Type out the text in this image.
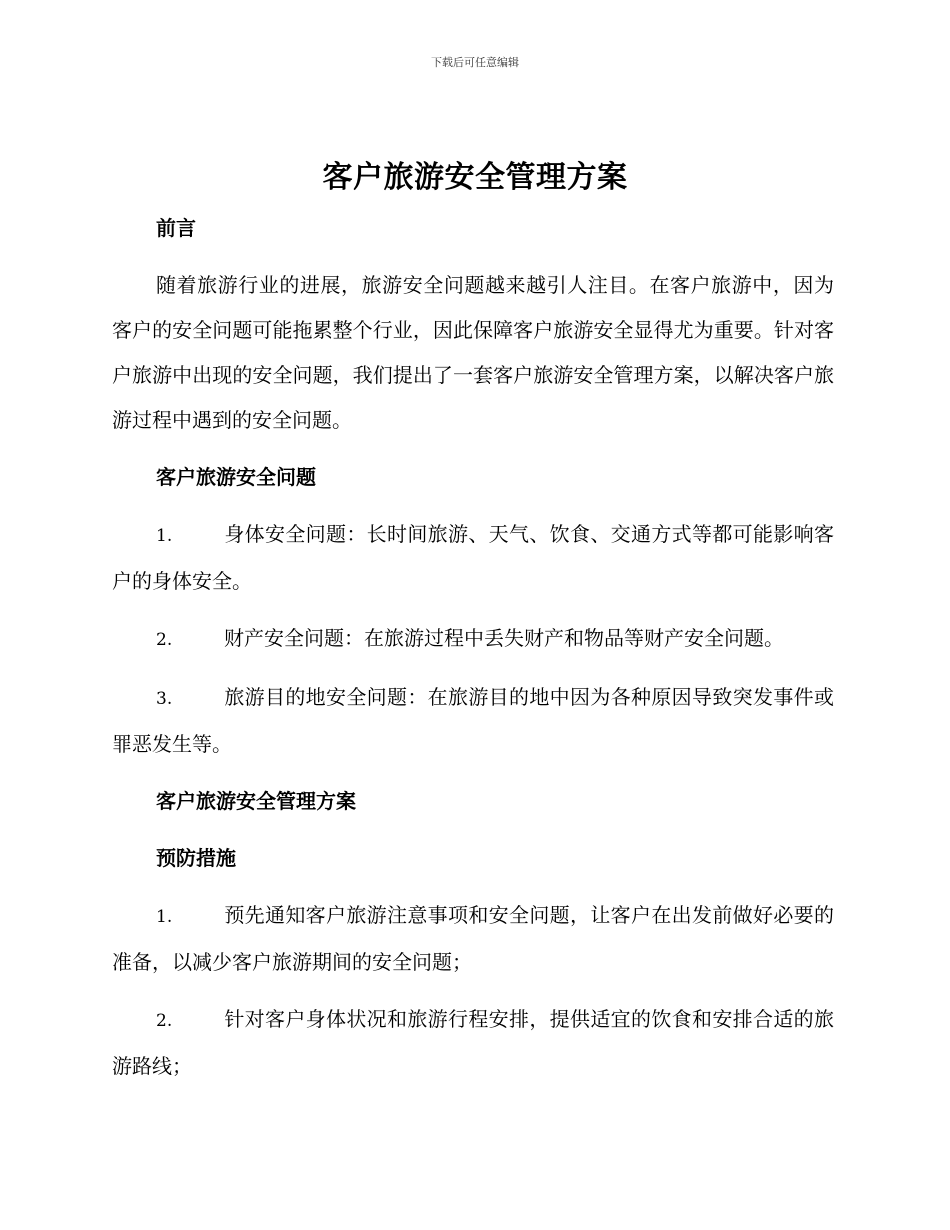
下载后可任意编辑
客户旅游安全管理方案
前言
随着旅游行业的进展，旅游安全问题越来越引人注目。在客户旅游中，因为客户的安全问题可能拖累整个行业，因此保障客户旅游安全显得尤为重要。针对客户旅游中出现的安全问题，我们提出了一套客户旅游安全管理方案，以解决客户旅游过程中遇到的安全问题。
客户旅游安全问题
1.	身体安全问题：长时间旅游、天气、饮食、交通方式等都可能影响客户的身体安全。
2.	财产安全问题：在旅游过程中丢失财产和物品等财产安全问题。
3.	旅游目的地安全问题：在旅游目的地中因为各种原因导致突发事件或罪恶发生等。
客户旅游安全管理方案
预防措施
1.	预先通知客户旅游注意事项和安全问题，让客户在出发前做好必要的准备，以减少客户旅游期间的安全问题；
2.	针对客户身体状况和旅游行程安排，提供适宜的饮食和安排合适的旅游路线；
